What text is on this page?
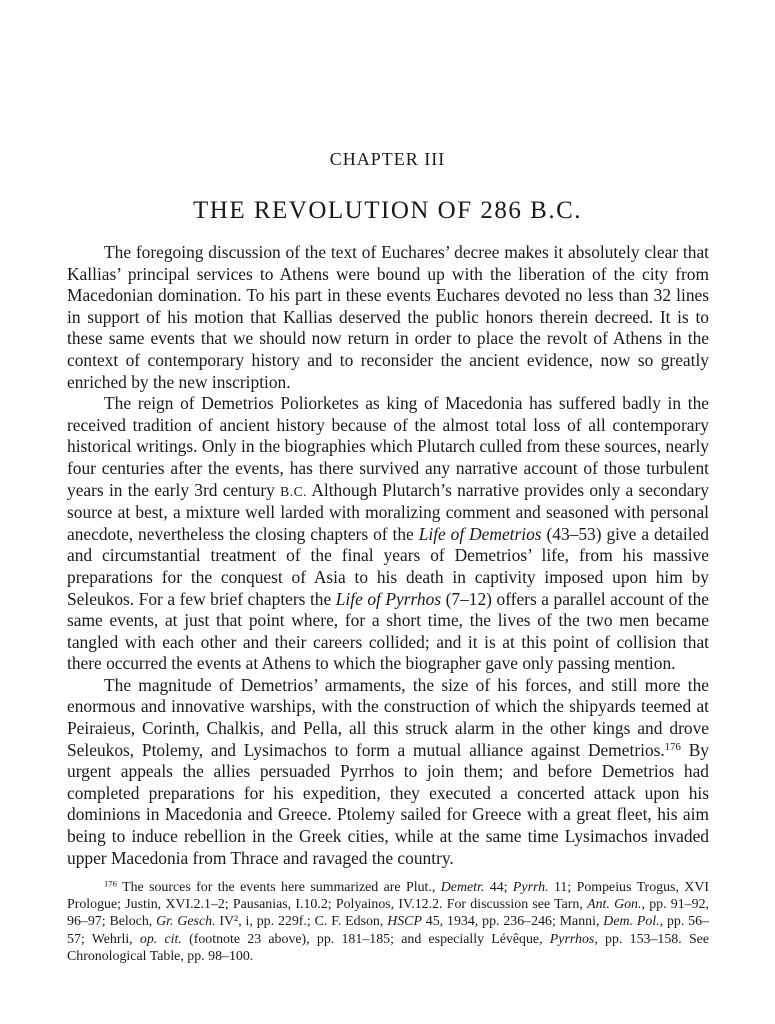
CHAPTER III
THE REVOLUTION OF 286 B.C.

The foregoing discussion of the text of Euchares’ decree makes it absolutely clear that Kallias’ principal services to Athens were bound up with the liberation of the city from Macedonian domination. To his part in these events Euchares devoted no less than 32 lines in support of his motion that Kallias deserved the public honors therein decreed. It is to these same events that we should now return in order to place the revolt of Athens in the context of contemporary history and to reconsider the ancient evidence, now so greatly enriched by the new inscription.

The reign of Demetrios Poliorketes as king of Macedonia has suffered badly in the received tradition of ancient history because of the almost total loss of all contemporary historical writings. Only in the biographies which Plutarch culled from these sources, nearly four centuries after the events, has there survived any narrative account of those turbulent years in the early 3rd century B.C. Although Plutarch’s narrative provides only a secondary source at best, a mixture well larded with moralizing comment and seasoned with personal anecdote, nevertheless the closing chapters of the Life of Demetrios (43–53) give a detailed and circumstantial treatment of the final years of Demetrios’ life, from his massive preparations for the conquest of Asia to his death in captivity imposed upon him by Seleukos. For a few brief chapters the Life of Pyrrhos (7–12) offers a parallel account of the same events, at just that point where, for a short time, the lives of the two men became tangled with each other and their careers collided; and it is at this point of collision that there occurred the events at Athens to which the biographer gave only passing mention.

The magnitude of Demetrios’ armaments, the size of his forces, and still more the enormous and innovative warships, with the construction of which the shipyards teemed at Peiraieus, Corinth, Chalkis, and Pella, all this struck alarm in the other kings and drove Seleukos, Ptolemy, and Lysimachos to form a mutual alliance against Demetrios.$^{176}$ By urgent appeals the allies persuaded Pyrrhos to join them; and before Demetrios had completed preparations for his expedition, they executed a concerted attack upon his dominions in Macedonia and Greece. Ptolemy sailed for Greece with a great fleet, his aim being to induce rebellion in the Greek cities, while at the same time Lysimachos invaded upper Macedonia from Thrace and ravaged the country.

$^{176}$ The sources for the events here summarized are Plut., Demetr. 44; Pyrrh. 11; Pompeius Trogus, XVI Prologue; Justin, XVI.2.1–2; Pausanias, I.10.2; Polyainos, IV.12.2. For discussion see Tarn, Ant. Gon., pp. 91–92, 96–97; Beloch, Gr. Gesch. IV², i, pp. 229f.; C. F. Edson, HSCP 45, 1934, pp. 236–246; Manni, Dem. Pol., pp. 56–57; Wehrli, op. cit. (footnote 23 above), pp. 181–185; and especially Lévêque, Pyrrhos, pp. 153–158. See Chronological Table, pp. 98–100.
